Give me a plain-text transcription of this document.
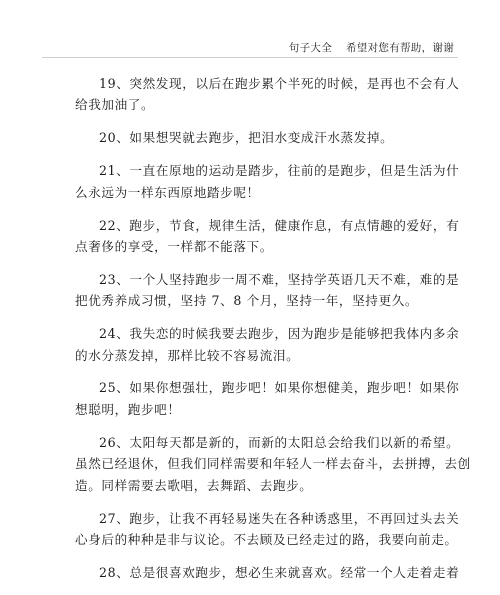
句子大全 希望对您有帮助，谢谢

19、突然发现，以后在跑步累个半死的时候，是再也不会有人
给我加油了。

20、如果想哭就去跑步，把泪水变成汗水蒸发掉。

21、一直在原地的运动是踏步，往前的是跑步，但是生活为什
么永远为一样东西原地踏步呢！

22、跑步，节食，规律生活，健康作息，有点情趣的爱好，有
点奢侈的享受，一样都不能落下。

23、一个人坚持跑步一周不难，坚持学英语几天不难，难的是
把优秀养成习惯，坚持 7、8 个月，坚持一年，坚持更久。

24、我失恋的时候我要去跑步，因为跑步是能够把我体内多余
的水分蒸发掉，那样比较不容易流泪。

25、如果你想强壮，跑步吧！如果你想健美，跑步吧！如果你
想聪明，跑步吧！

26、太阳每天都是新的，而新的太阳总会给我们以新的希望。
虽然已经退休，但我们同样需要和年轻人一样去奋斗，去拼搏，去创
造。同样需要去歌唱，去舞蹈、去跑步。

27、跑步，让我不再轻易迷失在各种诱惑里，不再回过头去关
心身后的种种是非与议论。不去顾及已经走过的路，我要向前走。

28、总是很喜欢跑步，想必生来就喜欢。经常一个人走着走着
